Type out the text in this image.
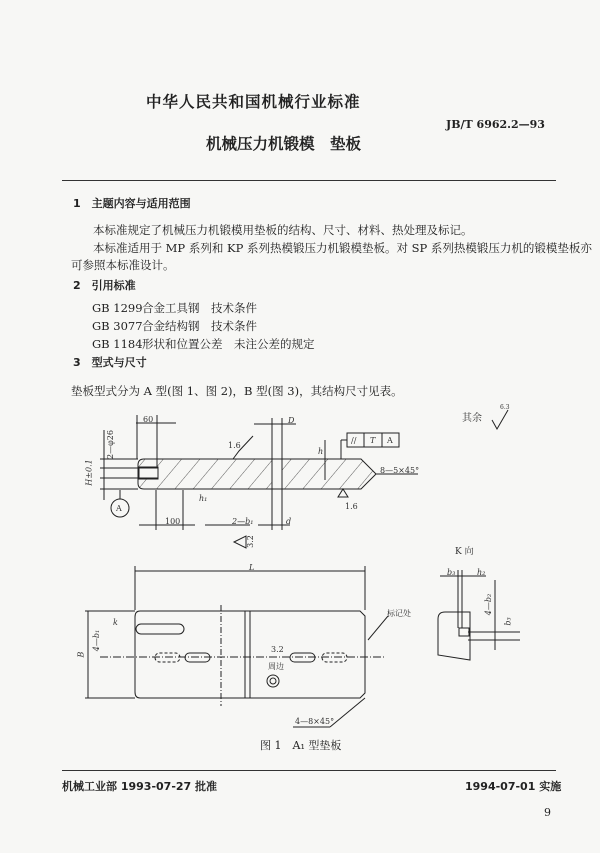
中华人民共和国机械行业标准
JB/T 6962.2—93
机械压力机锻模　垫板
1　主题内容与适用范围
本标准规定了机械压力机锻模用垫板的结构、尺寸、材料、热处理及标记。
本标准适用于 MP 系列和 KP 系列热模锻压力机锻模垫板。对 SP 系列热模锻压力机的锻模垫板亦
可参照本标准设计。
2　引用标准
GB 1299 合金工具钢　技术条件
GB 3077 合金结构钢　技术条件
GB 1184 形状和位置公差　未注公差的规定
3　型式与尺寸
垫板型式分为 A 型(图 1、图 2)，B 型(图 3)，其结构尺寸见表。
60
2—φ26
H±0.1
1.6
D
// T A
h
8—5×45°
A
h₁
100	2—b₁	d
1.6
3.2
其余
6.3
K 向
L
B
4—b₁
k
3.2
周边
标记处
4—8×45°
b₃	h₂
4—b₂
b₃
图 1　A₁ 型垫板
机械工业部 1993-07-27 批准	1994-07-01 实施
9
